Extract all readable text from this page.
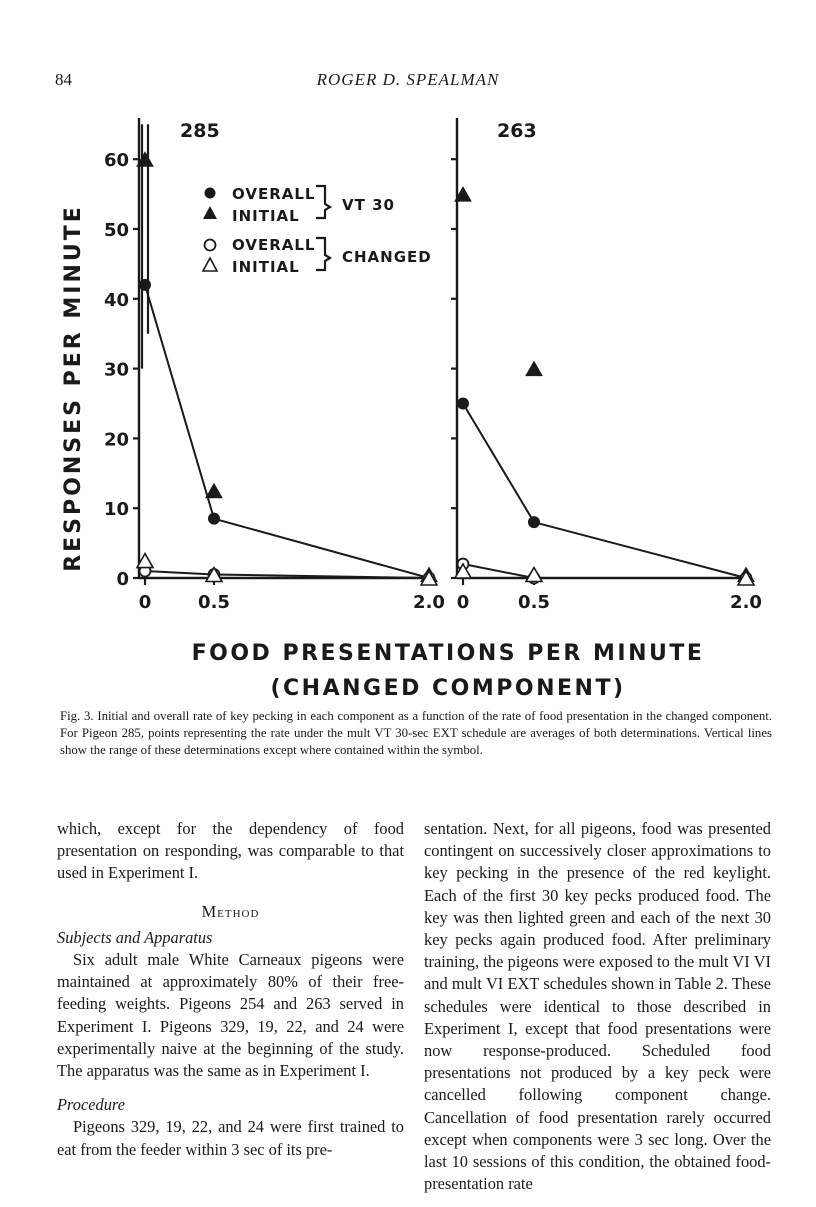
84	ROGER D. SPEALMAN
RESPONSES PER MINUTE
0
10
20
30
40
50
60
0	0.5	2.0
285
0	0.5	2.0
263
OVERALL
INITIAL
VT 30
OVERALL
INITIAL
CHANGED
FOOD PRESENTATIONS PER MINUTE
(CHANGED COMPONENT)
Fig. 3. Initial and overall rate of key pecking in each component as a function of the rate of food presentation in the changed component. For Pigeon 285, points representing the rate under the mult VT 30-sec EXT schedule are averages of both determinations. Vertical lines show the range of these determinations except where contained within the symbol.

which, except for the dependency of food presentation on responding, was comparable to that used in Experiment I.

Method

Subjects and Apparatus

Six adult male White Carneaux pigeons were maintained at approximately 80% of their free-feeding weights. Pigeons 254 and 263 served in Experiment I. Pigeons 329, 19, 22, and 24 were experimentally naive at the beginning of the study. The apparatus was the same as in Experiment I.

Procedure

Pigeons 329, 19, 22, and 24 were first trained to eat from the feeder within 3 sec of its pre-

sentation. Next, for all pigeons, food was presented contingent on successively closer approximations to key pecking in the presence of the red keylight. Each of the first 30 key pecks produced food. The key was then lighted green and each of the next 30 key pecks again produced food. After preliminary training, the pigeons were exposed to the mult VI VI and mult VI EXT schedules shown in Table 2. These schedules were identical to those described in Experiment I, except that food presentations were now response-produced. Scheduled food presentations not produced by a key peck were cancelled following component change. Cancellation of food presentation rarely occurred except when components were 3 sec long. Over the last 10 sessions of this condition, the obtained food-presentation rate
